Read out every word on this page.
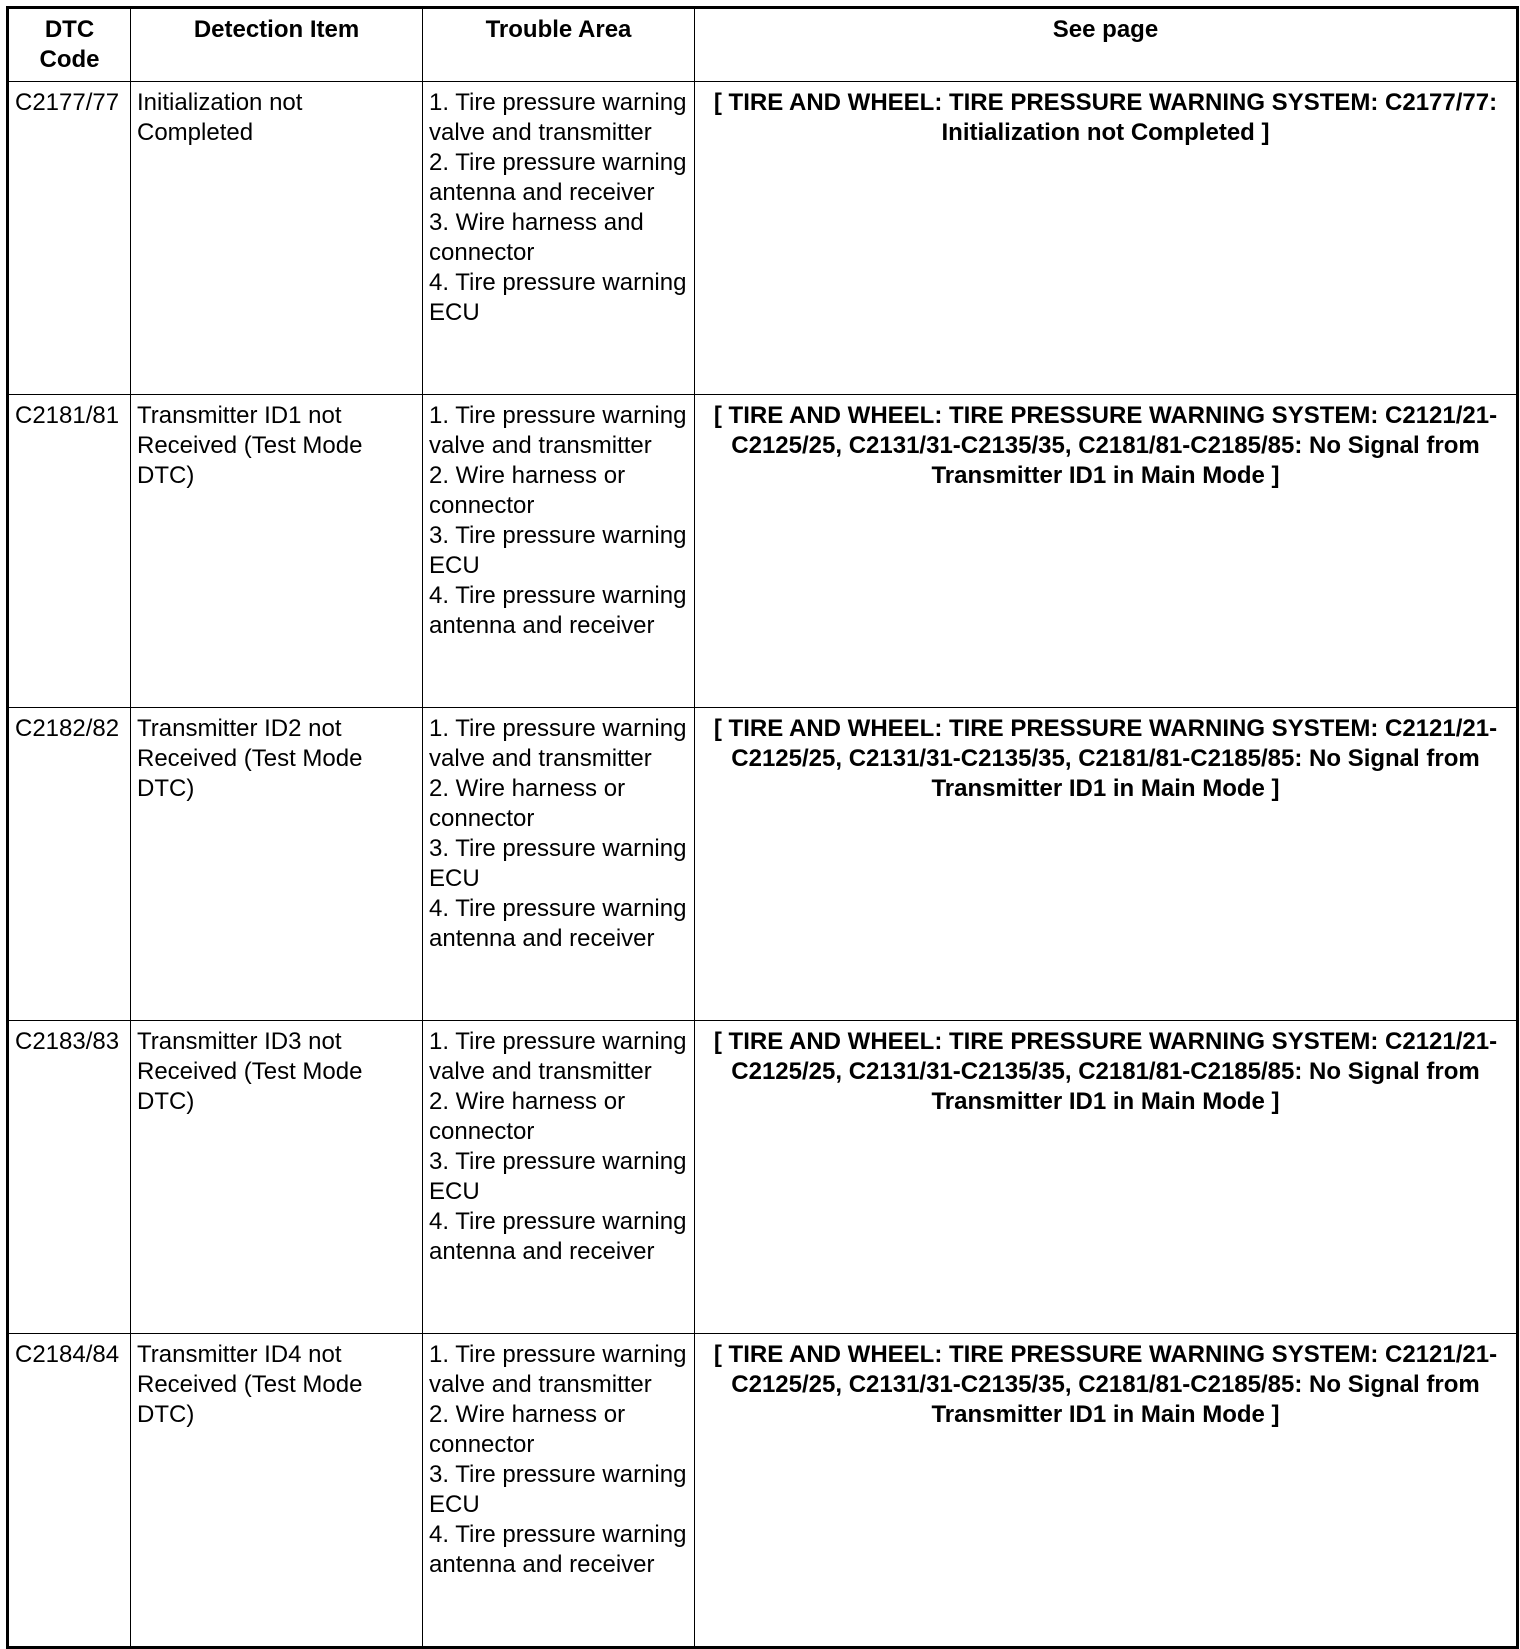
DTC Code	Detection Item	Trouble Area	See page
C2177/77	Initialization not Completed	1. Tire pressure warning valve and transmitter
2. Tire pressure warning antenna and receiver
3. Wire harness and connector
4. Tire pressure warning ECU	[ TIRE AND WHEEL: TIRE PRESSURE WARNING SYSTEM: C2177/77: Initialization not Completed ]
C2181/81	Transmitter ID1 not Received (Test Mode DTC)	1. Tire pressure warning valve and transmitter
2. Wire harness or connector
3. Tire pressure warning ECU
4. Tire pressure warning antenna and receiver	[ TIRE AND WHEEL: TIRE PRESSURE WARNING SYSTEM: C2121/21-C2125/25, C2131/31-C2135/35, C2181/81-C2185/85: No Signal from Transmitter ID1 in Main Mode ]
C2182/82	Transmitter ID2 not Received (Test Mode DTC)	1. Tire pressure warning valve and transmitter
2. Wire harness or connector
3. Tire pressure warning ECU
4. Tire pressure warning antenna and receiver	[ TIRE AND WHEEL: TIRE PRESSURE WARNING SYSTEM: C2121/21-C2125/25, C2131/31-C2135/35, C2181/81-C2185/85: No Signal from Transmitter ID1 in Main Mode ]
C2183/83	Transmitter ID3 not Received (Test Mode DTC)	1. Tire pressure warning valve and transmitter
2. Wire harness or connector
3. Tire pressure warning ECU
4. Tire pressure warning antenna and receiver	[ TIRE AND WHEEL: TIRE PRESSURE WARNING SYSTEM: C2121/21-C2125/25, C2131/31-C2135/35, C2181/81-C2185/85: No Signal from Transmitter ID1 in Main Mode ]
C2184/84	Transmitter ID4 not Received (Test Mode DTC)	1. Tire pressure warning valve and transmitter
2. Wire harness or connector
3. Tire pressure warning ECU
4. Tire pressure warning antenna and receiver	[ TIRE AND WHEEL: TIRE PRESSURE WARNING SYSTEM: C2121/21-C2125/25, C2131/31-C2135/35, C2181/81-C2185/85: No Signal from Transmitter ID1 in Main Mode ]
